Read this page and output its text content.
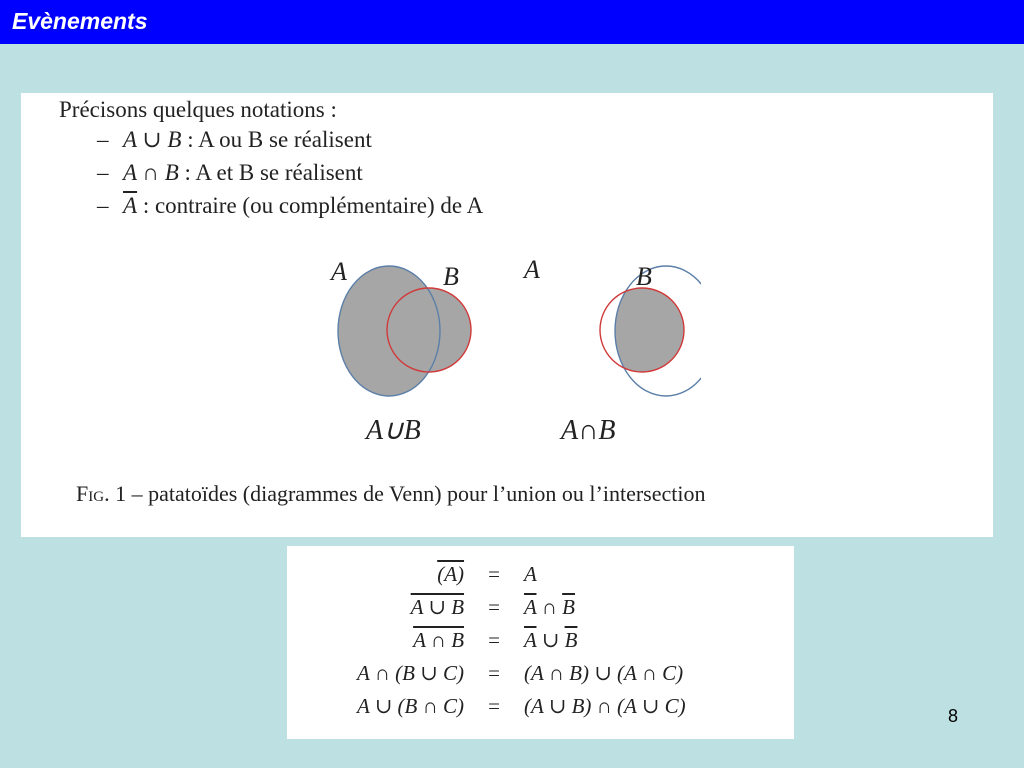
Evènements
Précisons quelques notations :
– A ∪ B : A ou B se réalisent
– A ∩ B : A et B se réalisent
– $\overline{A}$ : contraire (ou complémentaire) de A
A	B
A∪B
A	B
A∩B
Fig. 1 – patatoïdes (diagrammes de Venn) pour l’union ou l’intersection
(A)	=	A
A ∪ B	=	$\overline{A}$ ∩ $\overline{B}$
A ∩ B	=	$\overline{A}$ ∪ $\overline{B}$
A ∩ (B ∪ C)	=	(A ∩ B) ∪ (A ∩ C)
A ∪ (B ∩ C)	=	(A ∪ B) ∩ (A ∪ C)	8
